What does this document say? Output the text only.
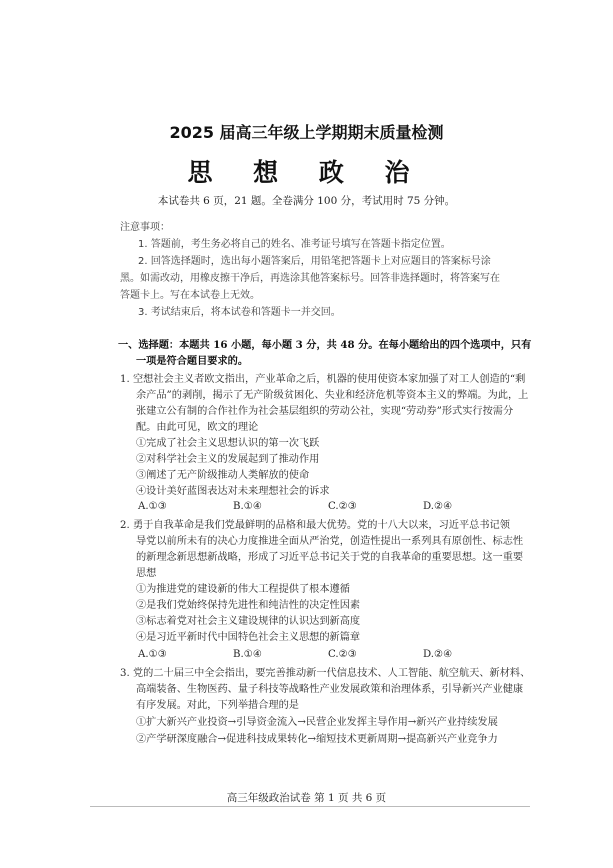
2025 届高三年级上学期期末质量检测
思 想 政 治
本试卷共 6 页，21 题。全卷满分 100 分，考试用时 75 分钟。
注意事项：
1. 答题前，考生务必将自己的姓名、准考证号填写在答题卡指定位置。
2. 回答选择题时，选出每小题答案后，用铅笔把答题卡上对应题目的答案标号涂
黑。如需改动，用橡皮擦干净后，再选涂其他答案标号。回答非选择题时，将答案写在
答题卡上。写在本试卷上无效。
3. 考试结束后，将本试卷和答题卡一并交回。
一、选择题：本题共 16 小题，每小题 3 分，共 48 分。在每小题给出的四个选项中，只有
一项是符合题目要求的。
1. 空想社会主义者欧文指出，产业革命之后，机器的使用使资本家加强了对工人创造的“剩
余产品”的剥削，揭示了无产阶级贫困化、失业和经济危机等资本主义的弊端。为此，上
张建立公有制的合作社作为社会基层组织的劳动公社，实现“劳动券”形式实行按需分
配。由此可见，欧文的理论
①完成了社会主义思想认识的第一次飞跃
②对科学社会主义的发展起到了推动作用
③阐述了无产阶级推动人类解放的使命
④设计美好蓝图表达对未来理想社会的诉求
A.①③	B.①④	C.②③	D.②④
2. 勇于自我革命是我们党最鲜明的品格和最大优势。党的十八大以来，习近平总书记领
导党以前所未有的决心力度推进全面从严治党，创造性提出一系列具有原创性、标志性
的新理念新思想新战略，形成了习近平总书记关于党的自我革命的重要思想。这一重要
思想
①为推进党的建设新的伟大工程提供了根本遵循
②是我们党始终保持先进性和纯洁性的决定性因素
③标志着党对社会主义建设规律的认识达到新高度
④是习近平新时代中国特色社会主义思想的新篇章
A.①③	B.①④	C.②③	D.②④
3. 党的二十届三中全会指出，要完善推动新一代信息技术、人工智能、航空航天、新材料、
高端装备、生物医药、量子科技等战略性产业发展政策和治理体系，引导新兴产业健康
有序发展。对此，下列举措合理的是
①扩大新兴产业投资→引导资金流入→民营企业发挥主导作用→新兴产业持续发展
②产学研深度融合→促进科技成果转化→缩短技术更新周期→提高新兴产业竞争力
高三年级政治试卷 第 1 页 共 6 页
